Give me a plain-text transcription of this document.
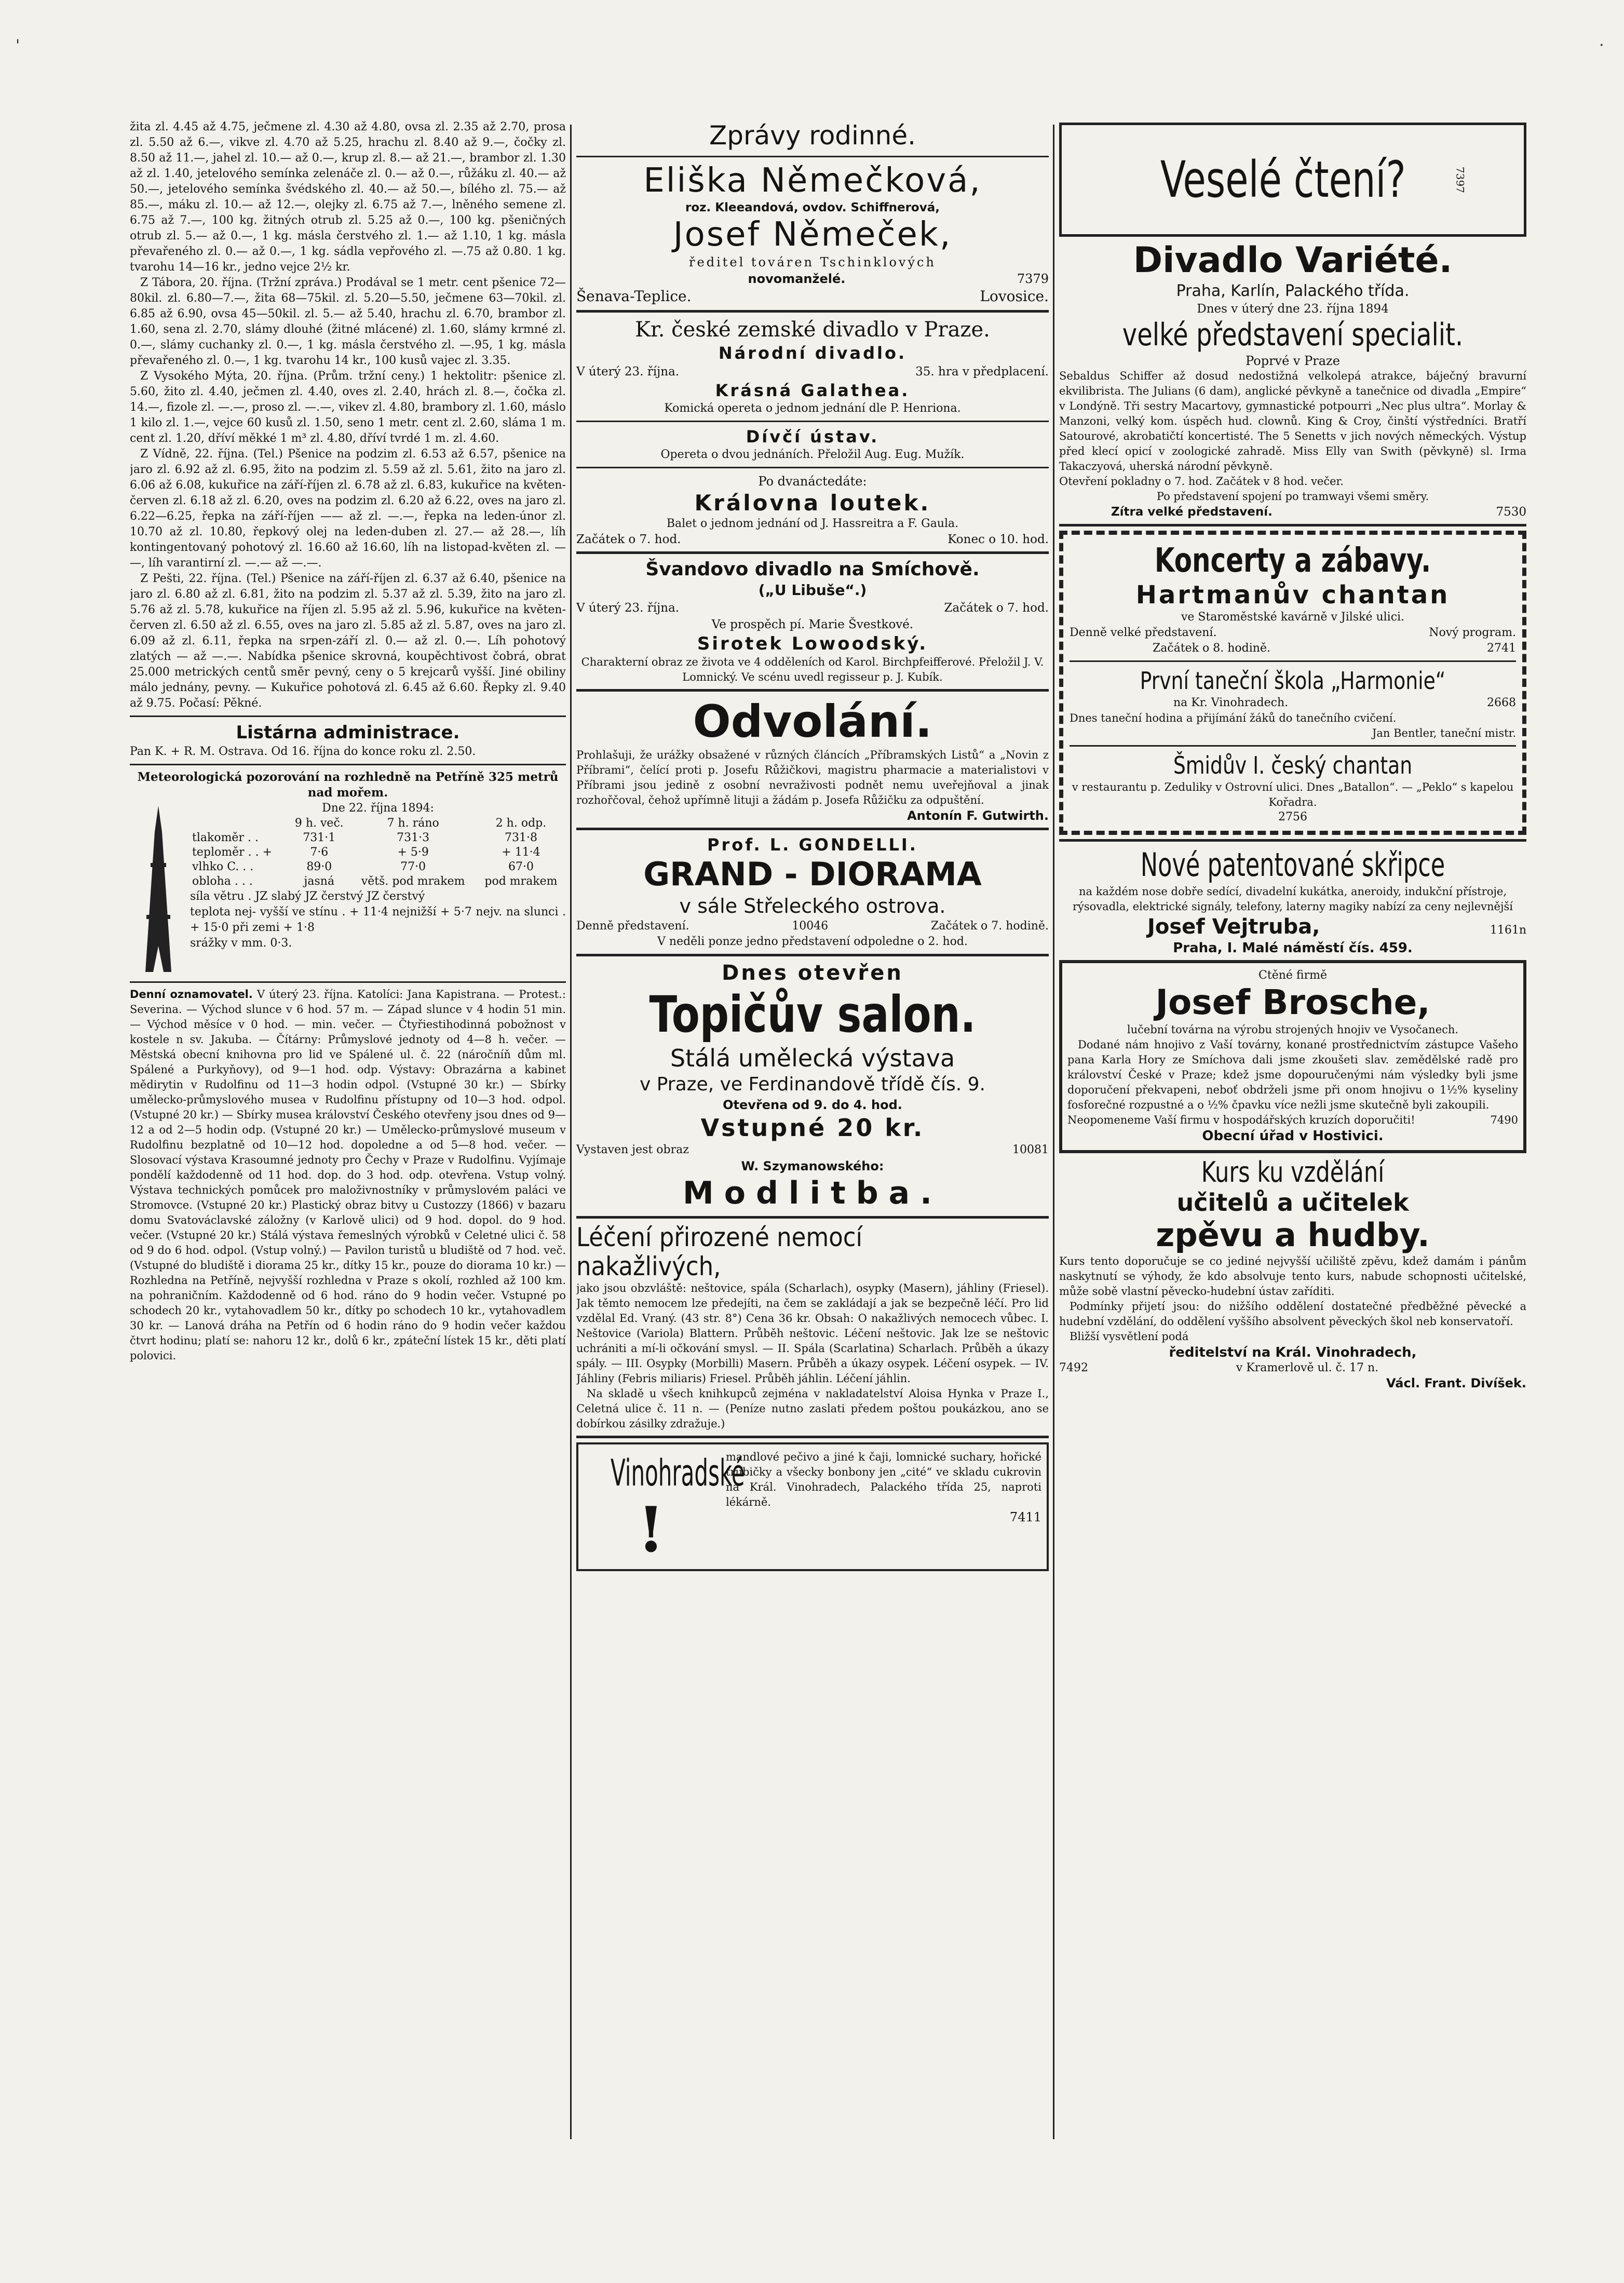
'	·

žita zl. 4.45 až 4.75, ječmene zl. 4.30 až 4.80, ovsa zl. 2.35 až 2.70, prosa zl. 5.50 až 6.—, vikve zl. 4.70 až 5.25, hrachu zl. 8.40 až 9.—, čočky zl. 8.50 až 11.—, jahel zl. 10.— až 0.—, krup zl. 8.— až 21.—, brambor zl. 1.30 až zl. 1.40, jetelového semínka zelenáče zl. 0.— až 0.—, růžáku zl. 40.— až 50.—, jetelového semínka švédského zl. 40.— až 50.—, bílého zl. 75.— až 85.—, máku zl. 10.— až 12.—, olejky zl. 6.75 až 7.—, lněného semene zl. 6.75 až 7.—, 100 kg. žitných otrub zl. 5.25 až 0.—, 100 kg. pšeničných otrub zl. 5.— až 0.—, 1 kg. másla čerstvého zl. 1.— až 1.10, 1 kg. másla převařeného zl. 0.— až 0.—, 1 kg. sádla vepřového zl. —.75 až 0.80. 1 kg. tvarohu 14—16 kr., jedno vejce 2½ kr.

Z Tábora, 20. října. (Tržní zpráva.) Prodával se 1 metr. cent pšenice 72—80kil. zl. 6.80—7.—, žita 68—75kil. zl. 5.20—5.50, ječmene 63—70kil. zl. 6.85 až 6.90, ovsa 45—50kil. zl. 5.— až 5.40, hrachu zl. 6.70, brambor zl. 1.60, sena zl. 2.70, slámy dlouhé (žitné mlácené) zl. 1.60, slámy krmné zl. 0.—, slámy cuchanky zl. 0.—, 1 kg. másla čerstvého zl. —.95, 1 kg. másla převařeného zl. 0.—, 1 kg. tvarohu 14 kr., 100 kusů vajec zl. 3.35.

Z Vysokého Mýta, 20. října. (Prům. tržní ceny.) 1 hektolitr: pšenice zl. 5.60, žito zl. 4.40, ječmen zl. 4.40, oves zl. 2.40, hrách zl. 8.—, čočka zl. 14.—, fizole zl. —.—, proso zl. —.—, vikev zl. 4.80, brambory zl. 1.60, máslo 1 kilo zl. 1.—, vejce 60 kusů zl. 1.50, seno 1 metr. cent zl. 2.60, sláma 1 m. cent zl. 1.20, dříví měkké 1 m³ zl. 4.80, dříví tvrdé 1 m. zl. 4.60.

Z Vídně, 22. října. (Tel.) Pšenice na podzim zl. 6.53 až 6.57, pšenice na jaro zl. 6.92 až zl. 6.95, žito na podzim zl. 5.59 až zl. 5.61, žito na jaro zl. 6.06 až 6.08, kukuřice na září-říjen zl. 6.78 až zl. 6.83, kukuřice na květen-červen zl. 6.18 až zl. 6.20, oves na podzim zl. 6.20 až 6.22, oves na jaro zl. 6.22—6.25, řepka na září-říjen —— až zl. —.—, řepka na leden-únor zl. 10.70 až zl. 10.80, řepkový olej na leden-duben zl. 27.— až 28.—, líh kontingentovaný pohotový zl. 16.60 až 16.60, líh na listopad-květen zl. — —, líh varantirní zl. —.— až —.—.

Z Pešti, 22. října. (Tel.) Pšenice na září-říjen zl. 6.37 až 6.40, pšenice na jaro zl. 6.80 až zl. 6.81, žito na podzim zl. 5.37 až zl. 5.39, žito na jaro zl. 5.76 až zl. 5.78, kukuřice na říjen zl. 5.95 až zl. 5.96, kukuřice na květen-červen zl. 6.50 až zl. 6.55, oves na jaro zl. 5.85 až zl. 5.87, oves na jaro zl. 6.09 až zl. 6.11, řepka na srpen-září zl. 0.— až zl. 0.—. Líh pohotový zlatých — až —.—. Nabídka pšenice skrovná, koupěchtivost čobrá, obrat 25.000 metrických centů směr pevný, ceny o 5 krejcarů vyšší. Jiné obiliny málo jednány, pevny. — Kukuřice pohotová zl. 6.45 až 6.60. Řepky zl. 9.40 až 9.75. Počasí: Pěkné.

Listárna administrace.

Pan K. + R. M. Ostrava. Od 16. října do konce roku zl. 2.50.

Meteorologická pozorování na rozhledně na Petříně 325 metrů nad mořem.

Dne 22. října 1894:

	9 h. več.	7 h. ráno	2 h. odp.
tlakoměr . .	731·1	731·3	731·8
teploměr . . +	7·6	+ 5·9	+ 11·4
vlhko C. . .	89·0	77·0	67·0
obloha . . .	jasná	větš. pod mrakem	pod mrakem

síla větru . JZ slabý JZ čerstvý JZ čerstvý

teplota nej- vyšší ve stínu . + 11·4 nejnižší + 5·7 nejv. na slunci . + 15·0 při zemi + 1·8

srážky v mm. 0·3.

Denní oznamovatel. V úterý 23. října. Katolíci: Jana Kapistrana. — Protest.: Severina. — Východ slunce v 6 hod. 57 m. — Západ slunce v 4 hodin 51 min. — Východ měsíce v 0 hod. — min. večer. — Čtyřiestihodinná pobožnost v kostele n sv. Jakuba. — Čítárny: Průmyslové jednoty od 4—8 h. večer. — Městská obecní knihovna pro lid ve Spálené ul. č. 22 (náročníň dům ml. Spálené a Purkyňovy), od 9—1 hod. odp. Výstavy: Obrazárna a kabinet mědirytin v Rudolfinu od 11—3 hodin odpol. (Vstupné 30 kr.) — Sbírky umělecko-průmyslového musea v Rudolfinu přístupny od 10—3 hod. odpol. (Vstupné 20 kr.) — Sbírky musea království Českého otevřeny jsou dnes od 9—12 a od 2—5 hodin odp. (Vstupné 20 kr.) — Umělecko-průmyslové museum v Rudolfinu bezplatně od 10—12 hod. dopoledne a od 5—8 hod. večer. — Slosovací výstava Krasoumné jednoty pro Čechy v Praze v Rudolfinu. Vyjímaje pondělí každodenně od 11 hod. dop. do 3 hod. odp. otevřena. Vstup volný. Výstava technických pomůcek pro maloživnostníky v průmyslovém paláci ve Stromovce. (Vstupné 20 kr.) Plastický obraz bitvy u Custozzy (1866) v bazaru domu Svatováclavské záložny (v Karlově ulici) od 9 hod. dopol. do 9 hod. večer. (Vstupné 20 kr.) Stálá výstava řemeslných výrobků v Celetné ulici č. 58 od 9 do 6 hod. odpol. (Vstup volný.) — Pavilon turistů u bludiště od 7 hod. več. (Vstupné do bludiště i diorama 25 kr., dítky 15 kr., pouze do diorama 10 kr.) — Rozhledna na Petříně, nejvyšší rozhledna v Praze s okolí, rozhled až 100 km. na pohraničním. Každodenně od 6 hod. ráno do 9 hodin večer. Vstupné po schodech 20 kr., vytahovadlem 50 kr., dítky po schodech 10 kr., vytahovadlem 30 kr. — Lanová dráha na Petřín od 6 hodin ráno do 9 hodin večer každou čtvrt hodinu; platí se: nahoru 12 kr., dolů 6 kr., zpáteční lístek 15 kr., děti platí polovici.

Zprávy rodinné.

Eliška Němečková,

roz. Kleeandová, ovdov. Schiffnerová,

Josef Němeček,

ředitel továren Tschinklových

novomanželé.	7379
Šenava-Teplice.	Lovosice.

Kr. české zemské divadlo v Praze.

Národní divadlo.

V úterý 23. října.	35. hra v předplacení.

Krásná Galathea.

Komická opereta o jednom jednání dle P. Henriona.

Dívčí ústav.

Opereta o dvou jednáních. Přeložil Aug. Eug. Mužík.

Po dvanáctedáte:

Královna loutek.

Balet o jednom jednání od J. Hassreitra a F. Gaula.

Začátek o 7. hod.	Konec o 10. hod.

Švandovo divadlo na Smíchově.

(„U Libuše“.)

V úterý 23. října.	Začátek o 7. hod.

Ve prospěch pí. Marie Švestkové.

Sirotek Lowoodský.

Charakterní obraz ze života ve 4 odděleních od Karol. Birchpfeifferové. Přeložil J. V. Lomnický. Ve scénu uvedl regisseur p. J. Kubík.

Odvolání.

Prohlašuji, že urážky obsažené v různých článcích „Příbramských Listů“ a „Novin z Příbrami“, čelící proti p. Josefu Růžičkovi, magistru pharmacie a materialistovi v Příbrami jsou jedině z osobní nevraživosti podnět nemu uveřejňoval a jinak rozhořčoval, čehož upřímně lituji a žádám p. Josefa Růžičku za odpuštění.

Antonín F. Gutwirth.

Prof. L. GONDELLI.

GRAND - DIORAMA

v sále Střeleckého ostrova.

Denně představení.	10046	Začátek o 7. hodině.

V neděli ponze jedno představení odpoledne o 2. hod.

Dnes otevřen

Topičův salon.

Stálá umělecká výstava

v Praze, ve Ferdinandově třídě čís. 9.

Otevřena od 9. do 4. hod.

Vstupné 20 kr.

Vystaven jest obraz	10081

W. Szymanowského:

Modlitba.

Léčení přirozené nemocí nakažlivých,

jako jsou obzvláště: neštovice, spála (Scharlach), osypky (Masern), jáhliny (Friesel). Jak těmto nemocem lze předejíti, na čem se zakládají a jak se bezpečně léčí. Pro lid vzdělal Ed. Vraný. (43 str. 8°) Cena 36 kr. Obsah: O nakažlivých nemocech vůbec. I. Neštovice (Variola) Blattern. Průběh neštovic. Léčení neštovic. Jak lze se neštovic uchrániti a mí-li očkování smysl. — II. Spála (Scarlatina) Scharlach. Průběh a úkazy spály. — III. Osypky (Morbilli) Masern. Průběh a úkazy osypek. Léčení osypek. — IV. Jáhliny (Febris miliaris) Friesel. Průběh jáhlin. Léčení jáhlin.

Na skladě u všech knihkupců zejména v nakladatelství Aloisa Hynka v Praze I., Celetná ulice č. 11 n. — (Peníze nutno zaslati předem poštou poukázkou, ano se dobírkou zásilky zdražuje.)

Vinohradské

!

mandlové pečivo a jiné k čaji, lomnické suchary, hořické trubičky a všecky bonbony jen „cité“ ve skladu cukrovin na Král. Vinohradech, Palackého třída 25, naproti lékárně.

7411

Veselé čtení?	7397

Divadlo Variété.

Praha, Karlín, Palackého třída.

Dnes v úterý dne 23. října 1894

velké představení specialit.

Poprvé v Praze

Sebaldus Schiffer až dosud nedostižná velkolepá atrakce, báječný bravurní ekvilibrista. The Julians (6 dam), anglické pěvkyně a tanečnice od divadla „Empire“ v Londýně. Tři sestry Macartovy, gymnastické potpourri „Nec plus ultra“. Morlay & Manzoni, velký kom. úspěch hud. clownů. King & Croy, činští výstředníci. Bratří Satourové, akrobatičtí koncertisté. The 5 Senetts v jich nových německých. Výstup před klecí opicí v zoologické zahradě. Miss Elly van Swith (pěvkyně) sl. Irma Takaczyová, uherská národní pěvkyně.

Otevření pokladny o 7. hod. Začátek v 8 hod. večer.

Po představení spojení po tramwayi všemi směry.

Zítra velké představení.	7530

Koncerty a zábavy.

Hartmanův chantan

ve Staroměstské kavárně v Jilské ulici.

Denně velké představení.	Nový program.
Začátek o 8. hodině.	2741

První taneční škola „Harmonie“

na Kr. Vinohradech.	2668

Dnes taneční hodina a přijímání žáků do tanečního cvičení.

Jan Bentler, taneční mistr.

Šmidův I. český chantan

v restaurantu p. Zeduliky v Ostrovní ulici. Dnes „Batallon“. — „Peklo“ s kapelou Kořadra.

2756

Nové patentované skřipce

na každém nose dobře sedící, divadelní kukátka, aneroidy, indukční přístroje, rýsovadla, elektrické signály, telefony, laterny magiky nabízí za ceny nejlevnější

Josef Vejtruba,	1161n

Praha, I. Malé náměstí čís. 459.

Ctěné firmě

Josef Brosche,

lučební továrna na výrobu strojených hnojiv ve Vysočanech.

Dodané nám hnojivo z Vaší továrny, konané prostřednictvím zástupce Vašeho pana Karla Hory ze Smíchova dali jsme zkoušeti slav. zemědělské radě pro království České v Praze; kdež jsme dopouručenými nám výsledky byli jsme doporučení překvapeni, neboť obdrželi jsme při onom hnojivu o 1½% kyseliny fosforečné rozpustné a o ½% čpavku více nežli jsme skutečně byli zakoupili.

Neopomeneme Vaší firmu v hospodářských kruzích doporučiti!	7490

Obecní úřad v Hostivici.

Kurs ku vzdělání

učitelů a učitelek

zpěvu a hudby.

Kurs tento doporučuje se co jediné nejvyšší učiliště zpěvu, kdež damám i pánům naskytnutí se výhody, že kdo absolvuje tento kurs, nabude schopnosti učitelské, může sobě vlastní pěvecko-hudební ústav zaříditi.

Podmínky přijetí jsou: do nižšího oddělení dostatečné předběžné pěvecké a hudební vzdělání, do oddělení vyššího absolvent pěveckých škol neb konservatoří.

Bližší vysvětlení podá

ředitelství na Král. Vinohradech,

7492	v Kramerlově ul. č. 17 n.

Václ. Frant. Divíšek.
